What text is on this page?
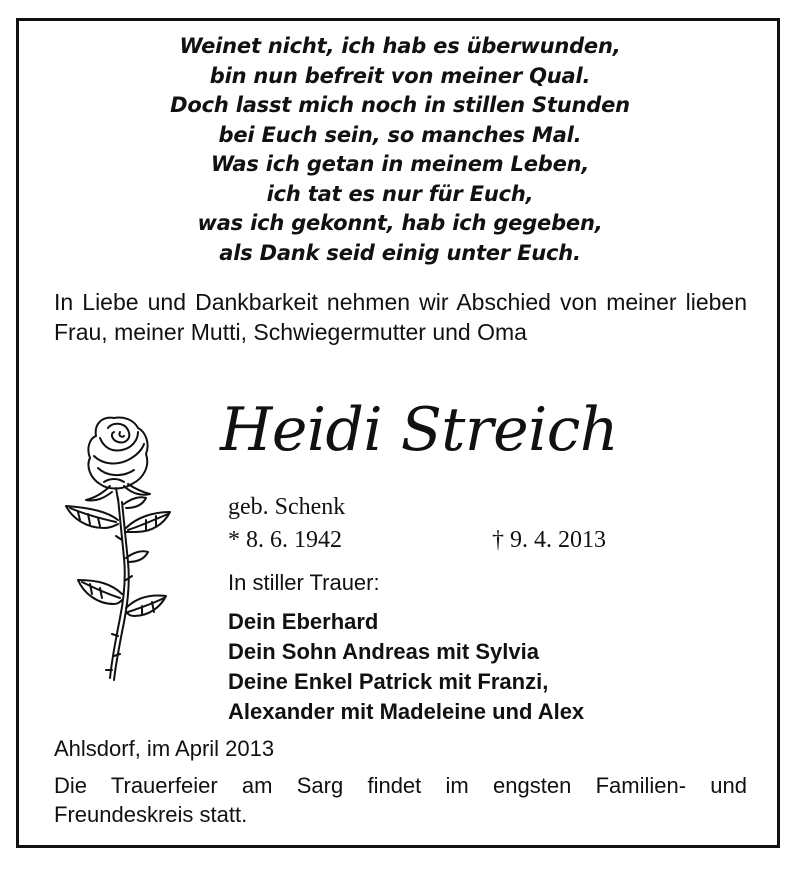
Weinet nicht, ich hab es überwunden,
bin nun befreit von meiner Qual.
Doch lasst mich noch in stillen Stunden
bei Euch sein, so manches Mal.
Was ich getan in meinem Leben,
ich tat es nur für Euch,
was ich gekonnt, hab ich gegeben,
als Dank seid einig unter Euch.
In Liebe und Dankbarkeit nehmen wir Abschied von meiner lieben Frau, meiner Mutti, Schwiegermutter und Oma
Heidi Streich
geb. Schenk
* 8. 6. 1942	† 9. 4. 2013
In stiller Trauer:
Dein Eberhard
Dein Sohn Andreas mit Sylvia
Deine Enkel Patrick mit Franzi,
Alexander mit Madeleine und Alex
Ahlsdorf, im April 2013
Die Trauerfeier am Sarg findet im engsten Familien- und Freundeskreis statt.
